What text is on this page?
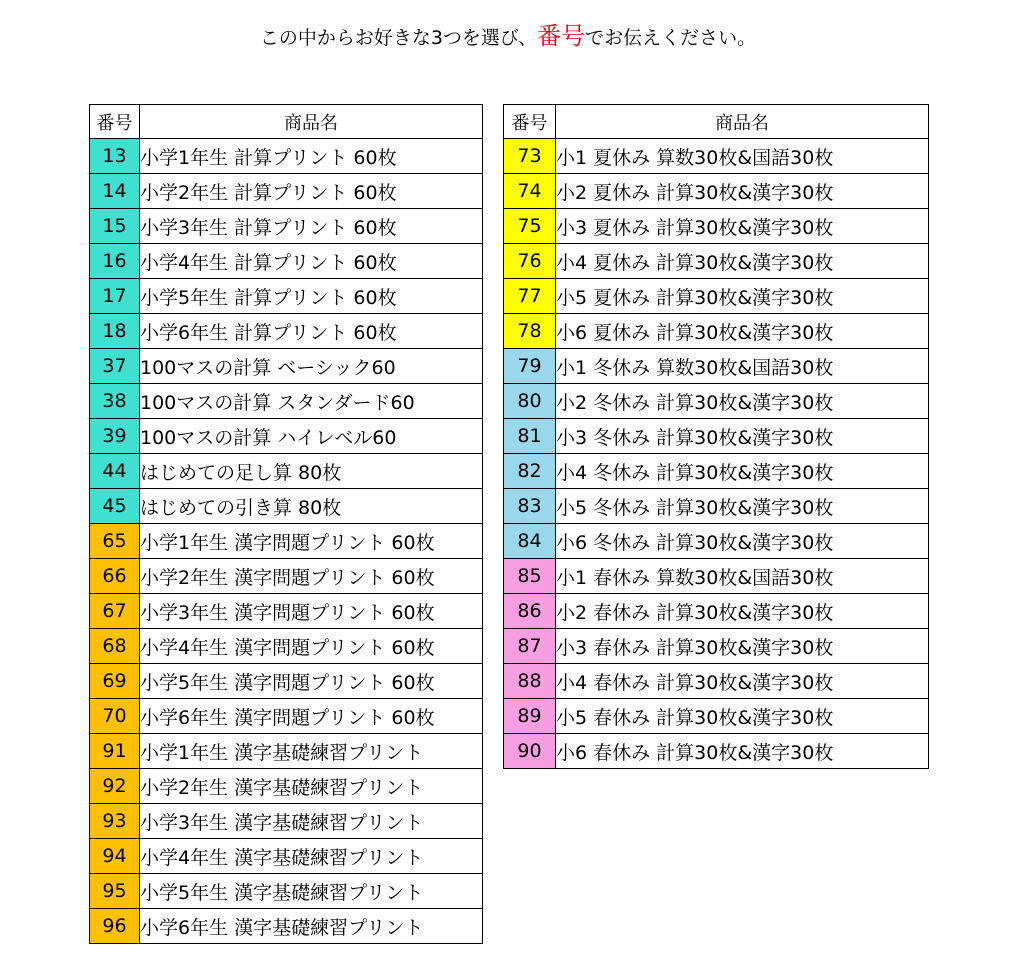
この中からお好きな3つを選び、番号でお伝えください。
番号	商品名
13	小学1年生 計算プリント 60枚
14	小学2年生 計算プリント 60枚
15	小学3年生 計算プリント 60枚
16	小学4年生 計算プリント 60枚
17	小学5年生 計算プリント 60枚
18	小学6年生 計算プリント 60枚
37	100マスの計算 ベーシック60
38	100マスの計算 スタンダード60
39	100マスの計算 ハイレベル60
44	はじめての足し算 80枚
45	はじめての引き算 80枚
65	小学1年生 漢字問題プリント 60枚
66	小学2年生 漢字問題プリント 60枚
67	小学3年生 漢字問題プリント 60枚
68	小学4年生 漢字問題プリント 60枚
69	小学5年生 漢字問題プリント 60枚
70	小学6年生 漢字問題プリント 60枚
91	小学1年生 漢字基礎練習プリント
92	小学2年生 漢字基礎練習プリント
93	小学3年生 漢字基礎練習プリント
94	小学4年生 漢字基礎練習プリント
95	小学5年生 漢字基礎練習プリント
96	小学6年生 漢字基礎練習プリント
番号	商品名
73	小1 夏休み 算数30枚&国語30枚
74	小2 夏休み 計算30枚&漢字30枚
75	小3 夏休み 計算30枚&漢字30枚
76	小4 夏休み 計算30枚&漢字30枚
77	小5 夏休み 計算30枚&漢字30枚
78	小6 夏休み 計算30枚&漢字30枚
79	小1 冬休み 算数30枚&国語30枚
80	小2 冬休み 計算30枚&漢字30枚
81	小3 冬休み 計算30枚&漢字30枚
82	小4 冬休み 計算30枚&漢字30枚
83	小5 冬休み 計算30枚&漢字30枚
84	小6 冬休み 計算30枚&漢字30枚
85	小1 春休み 算数30枚&国語30枚
86	小2 春休み 計算30枚&漢字30枚
87	小3 春休み 計算30枚&漢字30枚
88	小4 春休み 計算30枚&漢字30枚
89	小5 春休み 計算30枚&漢字30枚
90	小6 春休み 計算30枚&漢字30枚
